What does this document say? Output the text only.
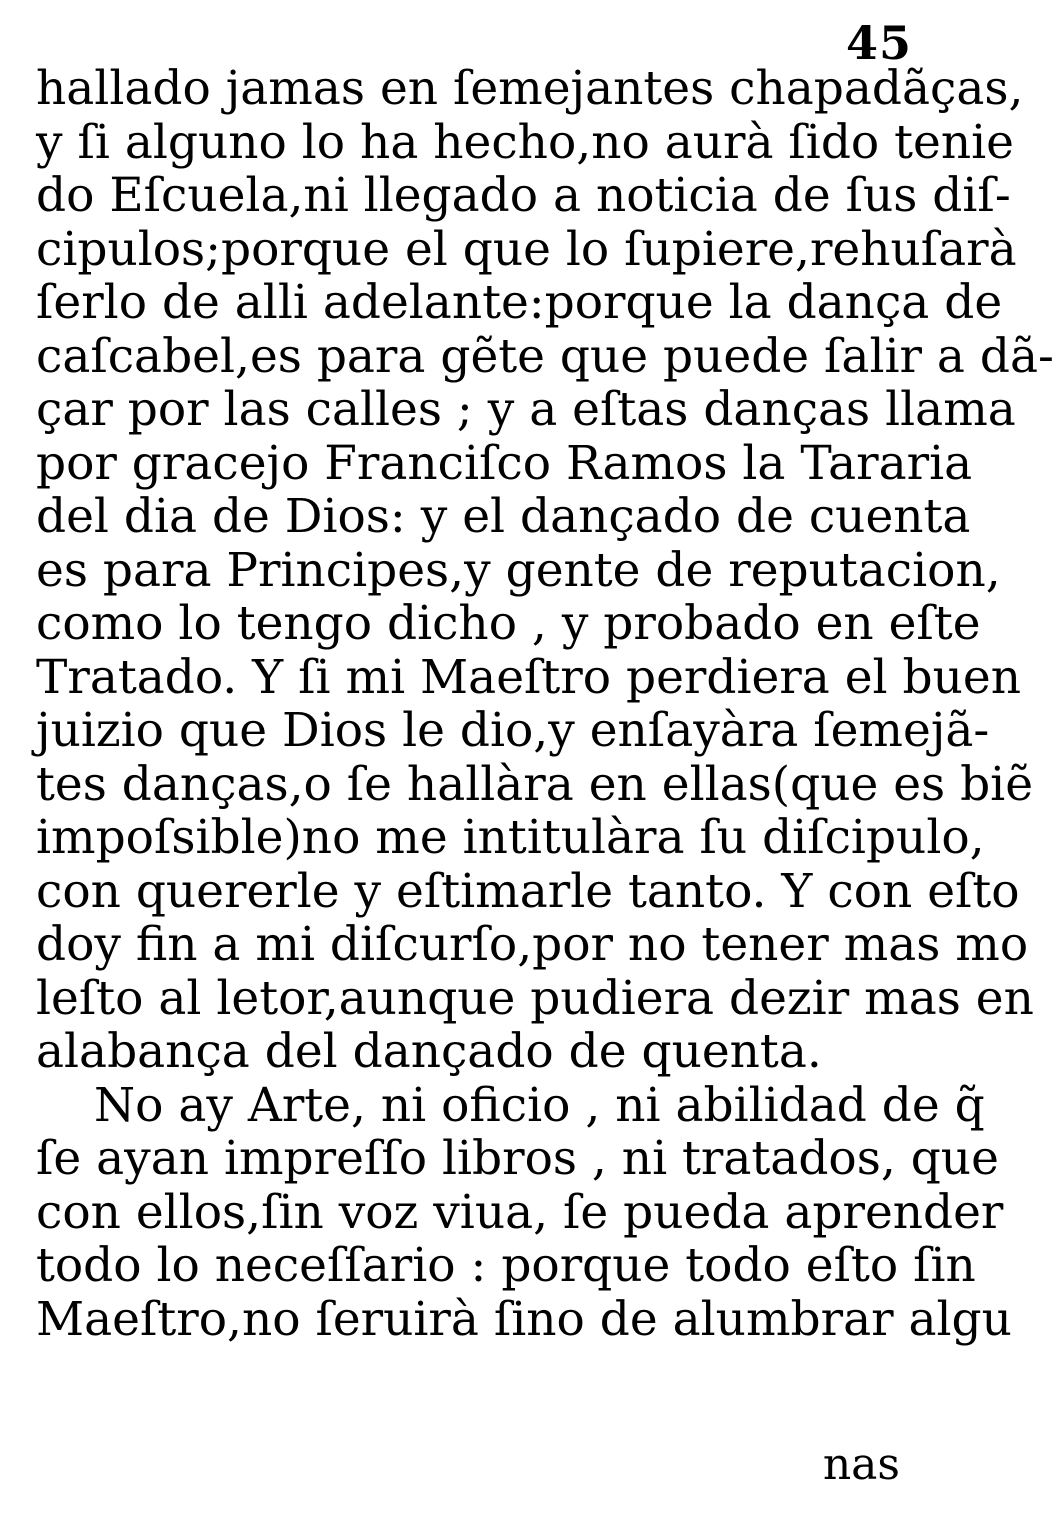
45
hallado jamas en ſemejantes chapadãças,
y ſi alguno lo ha hecho,no aurà ſido tenie
do Eſcuela,ni llegado a noticia de ſus diſ-
cipulos;porque el que lo ſupiere,rehuſarà
ſerlo de alli adelante:porque la dança de
caſcabel,es para gẽte que puede ſalir a dã-
çar por las calles ; y a eſtas danças llama
por gracejo Franciſco Ramos la Tararia
del dia de Dios: y el dançado de cuenta
es para Principes,y gente de reputacion,
como lo tengo dicho , y probado en eſte
Tratado. Y ſi mi Maeſtro perdiera el buen
juizio que Dios le dio,y enſayàra ſemejã-
tes danças,o ſe hallàra en ellas(que es biẽ
impoſsible)no me intitulàra ſu diſcipulo,
con quererle y eſtimarle tanto. Y con eſto
doy fin a mi diſcurſo,por no tener mas mo
leſto al letor,aunque pudiera dezir mas en
alabança del dançado de quenta.
No ay Arte, ni oficio , ni abilidad de q̃
ſe ayan impreſſo libros , ni tratados, que
con ellos,ſin voz viua, ſe pueda aprender
todo lo neceſſario : porque todo eſto ſin
Maeſtro,no ſeruirà ſino de alumbrar algu
nas
